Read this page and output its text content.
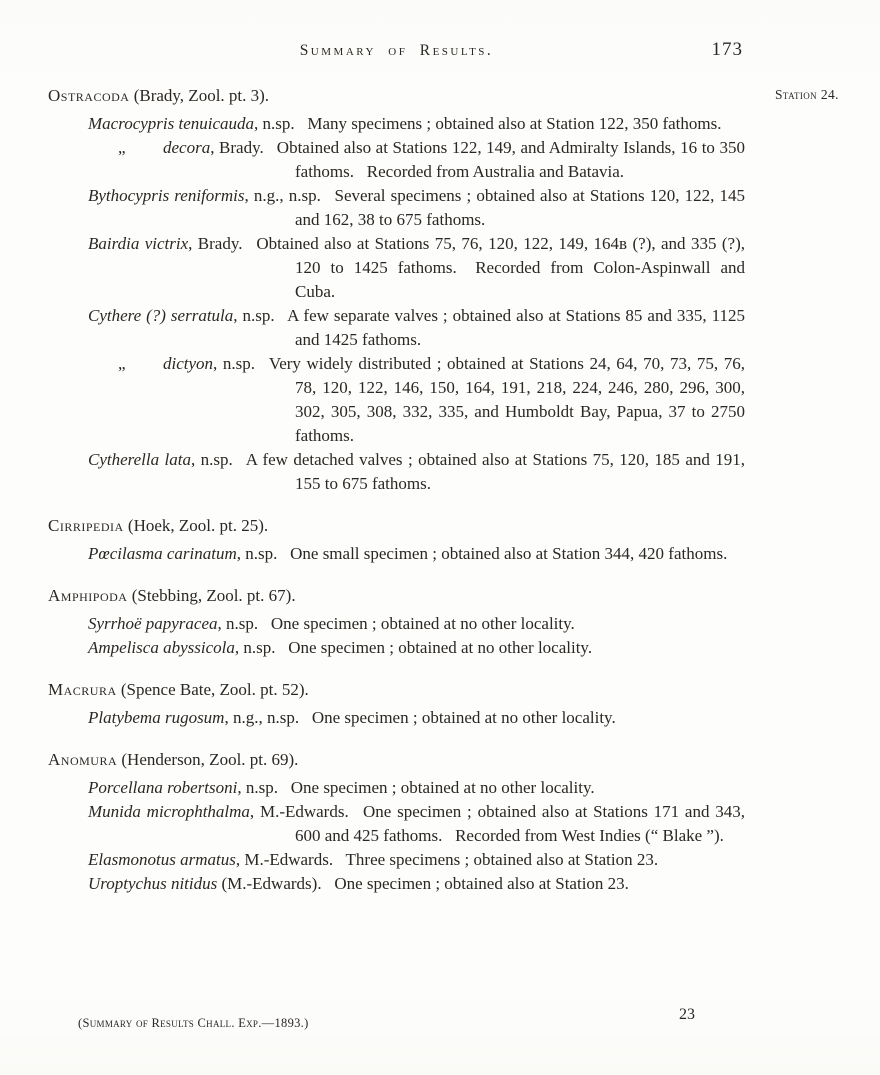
Summary of Results.	173
Station 24.
Ostracoda (Brady, Zool. pt. 3).

Macrocypris tenuicauda, n.sp.  Many specimens ; obtained also at Station 122, 350 fathoms.

„ decora, Brady.  Obtained also at Stations 122, 149, and Admiralty Islands, 16 to 350 fathoms.  Recorded from Australia and Batavia.

Bythocypris reniformis, n.g., n.sp.  Several specimens ; obtained also at Stations 120, 122, 145 and 162, 38 to 675 fathoms.

Bairdia victrix, Brady.  Obtained also at Stations 75, 76, 120, 122, 149, 164ʙ (?), and 335 (?), 120 to 1425 fathoms.  Recorded from Colon-Aspinwall and Cuba.

Cythere (?) serratula, n.sp.  A few separate valves ; obtained also at Stations 85 and 335, 1125 and 1425 fathoms.

„ dictyon, n.sp.  Very widely distributed ; obtained at Stations 24, 64, 70, 73, 75, 76, 78, 120, 122, 146, 150, 164, 191, 218, 224, 246, 280, 296, 300, 302, 305, 308, 332, 335, and Humboldt Bay, Papua, 37 to 2750 fathoms.

Cytherella lata, n.sp.  A few detached valves ; obtained also at Stations 75, 120, 185 and 191, 155 to 675 fathoms.

Cirripedia (Hoek, Zool. pt. 25).

Pœcilasma carinatum, n.sp.  One small specimen ; obtained also at Station 344, 420 fathoms.

Amphipoda (Stebbing, Zool. pt. 67).

Syrrhoë papyracea, n.sp.  One specimen ; obtained at no other locality.

Ampelisca abyssicola, n.sp.  One specimen ; obtained at no other locality.

Macrura (Spence Bate, Zool. pt. 52).

Platybema rugosum, n.g., n.sp.  One specimen ; obtained at no other locality.

Anomura (Henderson, Zool. pt. 69).

Porcellana robertsoni, n.sp.  One specimen ; obtained at no other locality.

Munida microphthalma, M.-Edwards.  One specimen ; obtained also at Stations 171 and 343, 600 and 425 fathoms.  Recorded from West Indies (“ Blake ”).

Elasmonotus armatus, M.-Edwards.  Three specimens ; obtained also at Station 23.

Uroptychus nitidus (M.-Edwards).  One specimen ; obtained also at Station 23.

(Summary of Results Chall. Exp.—1893.)	23
